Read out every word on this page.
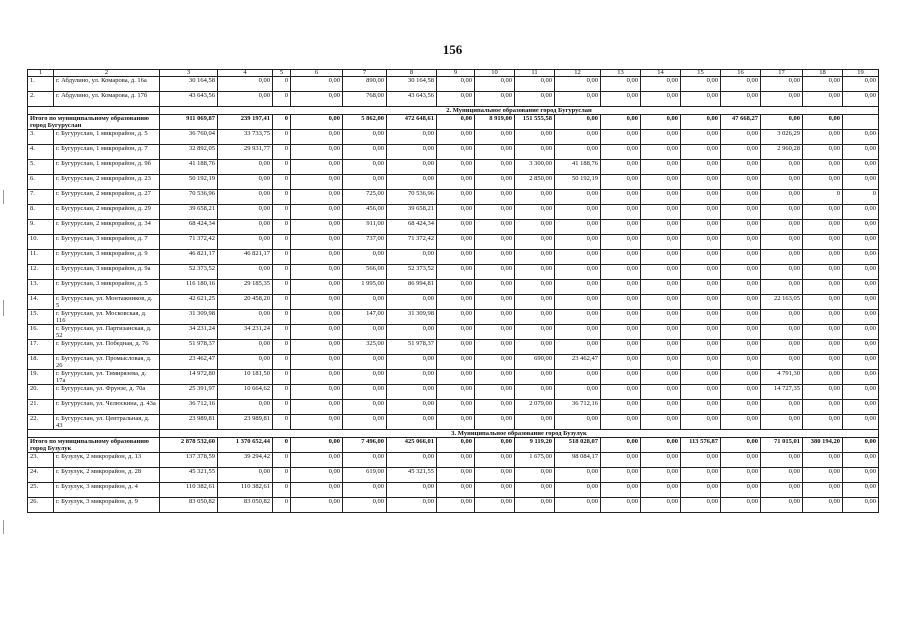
156
1	2	3	4	5	6	7	8	9	10	11	12	13	14	15	16	17	18	19
1.	г. Абдулино, ул. Комарова, д. 16а	30 164,58	0,00	0	0,00	890,00	30 164,58	0,00	0,00	0,00	0,00	0,00	0,00	0,00	0,00	0,00	0,00	0,00
2.	г. Абдулино, ул. Комарова, д. 17б	43 643,56	0,00	0	0,00	768,00	43 643,56	0,00	0,00	0,00	0,00	0,00	0,00	0,00	0,00	0,00	0,00	0,00
		2. Муниципальное образование город Бугуруслан																
Итого по муниципальному образованию город Бугуруслан		911 069,87	239 197,41	0	0,00	5 862,00	472 648,61	0,00	8 919,00	151 555,58	0,00	0,00	0,00	0,00	47 668,27	0,00	0,00	
3.	г. Бугуруслан, 1 микрорайон, д. 5	36 760,04	33 733,75	0	0,00	0,00	0,00	0,00	0,00	0,00	0,00	0,00	0,00	0,00	0,00	3 026,29	0,00	0,00
4.	г. Бугуруслан, 1 микрорайон, д. 7	32 892,05	29 931,77	0	0,00	0,00	0,00	0,00	0,00	0,00	0,00	0,00	0,00	0,00	0,00	2 960,28	0,00	0,00
5.	г. Бугуруслан, 1 микрорайон, д. 9б	41 188,76	0,00	0	0,00	0,00	0,00	0,00	0,00	3 300,00	41 188,76	0,00	0,00	0,00	0,00	0,00	0,00	0,00
6.	г. Бугуруслан, 2 микрорайон, д. 23	50 192,19	0,00	0	0,00	0,00	0,00	0,00	0,00	2 850,00	50 192,19	0,00	0,00	0,00	0,00	0,00	0,00	0,00
7.	г. Бугуруслан, 2 микрорайон, д. 27	70 536,96	0,00	0	0,00	725,00	70 536,96	0,00	0,00	0,00	0,00	0,00	0,00	0,00	0,00	0,00	0	0
8.	г. Бугуруслан, 2 микрорайон, д. 29	39 658,21	0,00	0	0,00	456,00	39 658,21	0,00	0,00	0,00	0,00	0,00	0,00	0,00	0,00	0,00	0,00	0,00
9.	г. Бугуруслан, 2 микрорайон, д. 34	68 424,34	0,00	0	0,00	911,00	68 424,34	0,00	0,00	0,00	0,00	0,00	0,00	0,00	0,00	0,00	0,00	0,00
10.	г. Бугуруслан, 3 микрорайон, д. 7	71 372,42	0,00	0	0,00	737,00	71 372,42	0,00	0,00	0,00	0,00	0,00	0,00	0,00	0,00	0,00	0,00	0,00
11.	г. Бугуруслан, 3 микрорайон, д. 9	46 821,17	46 821,17	0	0,00	0,00	0,00	0,00	0,00	0,00	0,00	0,00	0,00	0,00	0,00	0,00	0,00	0,00
12.	г. Бугуруслан, 3 микрорайон, д. 9а	52 373,52	0,00	0	0,00	566,00	52 373,52	0,00	0,00	0,00	0,00	0,00	0,00	0,00	0,00	0,00	0,00	0,00
13.	г. Бугуруслан, 3 микрорайон, д. 5	116 180,16	29 185,35	0	0,00	1 995,00	86 994,81	0,00	0,00	0,00	0,00	0,00	0,00	0,00	0,00	0,00	0,00	0,00
14.	г. Бугуруслан, ул. Монтажников, д. 5	42 621,25	20 458,20	0	0,00	0,00	0,00	0,00	0,00	0,00	0,00	0,00	0,00	0,00	0,00	22 163,05	0,00	0,00
15.	г. Бугуруслан, ул. Московская, д. 116	31 309,98	0,00	0	0,00	147,00	31 309,98	0,00	0,00	0,00	0,00	0,00	0,00	0,00	0,00	0,00	0,00	0,00
16.	г. Бугуруслан, ул. Партизанская, д. 52	34 231,24	34 231,24	0	0,00	0,00	0,00	0,00	0,00	0,00	0,00	0,00	0,00	0,00	0,00	0,00	0,00	0,00
17.	г. Бугуруслан, ул. Победная, д. 76	51 978,37	0,00	0	0,00	325,00	51 978,37	0,00	0,00	0,00	0,00	0,00	0,00	0,00	0,00	0,00	0,00	0,00
18.	г. Бугуруслан, ул. Промысловая, д. 26	23 462,47	0,00	0	0,00	0,00	0,00	0,00	0,00	690,00	23 462,47	0,00	0,00	0,00	0,00	0,00	0,00	0,00
19.	г. Бугуруслан, ул. Тимирязева, д. 17а	14 972,80	10 181,50	0	0,00	0,00	0,00	0,00	0,00	0,00	0,00	0,00	0,00	0,00	0,00	4 791,30	0,00	0,00
20.	г. Бугуруслан, ул. Фрунзе, д. 70а	25 391,97	10 664,62	0	0,00	0,00	0,00	0,00	0,00	0,00	0,00	0,00	0,00	0,00	0,00	14 727,35	0,00	0,00
21.	г. Бугуруслан, ул. Челюскина, д. 43а	36 712,16	0,00	0	0,00	0,00	0,00	0,00	0,00	2 079,00	36 712,16	0,00	0,00	0,00	0,00	0,00	0,00	0,00
22.	г. Бугуруслан, ул. Центральная, д. 43	23 989,81	23 989,81	0	0,00	0,00	0,00	0,00	0,00	0,00	0,00	0,00	0,00	0,00	0,00	0,00	0,00	0,00
		3. Муниципальное образование город Бузулук																
Итого по муниципальному образованию город Бузулук		2 878 532,60	1 370 652,44	0	0,00	7 496,00	425 066,01	0,00	0,00	9 119,20	518 028,07	0,00	0,00	113 576,87	0,00	71 015,01	380 194,20	0,00
23.	г. Бузулук, 2 микрорайон, д. 13	137 378,59	39 294,42	0	0,00	0,00	0,00	0,00	0,00	1 675,00	98 084,17	0,00	0,00	0,00	0,00	0,00	0,00	0,00
24.	г. Бузулук, 2 микрорайон, д. 28	45 321,55	0,00	0	0,00	619,00	45 321,55	0,00	0,00	0,00	0,00	0,00	0,00	0,00	0,00	0,00	0,00	0,00
25.	г. Бузулук, 3 микрорайон, д. 4	110 382,61	110 382,61	0	0,00	0,00	0,00	0,00	0,00	0,00	0,00	0,00	0,00	0,00	0,00	0,00	0,00	0,00
26.	г. Бузулук, 3 микрорайон, д. 9	83 050,82	83 050,82	0	0,00	0,00	0,00	0,00	0,00	0,00	0,00	0,00	0,00	0,00	0,00	0,00	0,00	0,00
